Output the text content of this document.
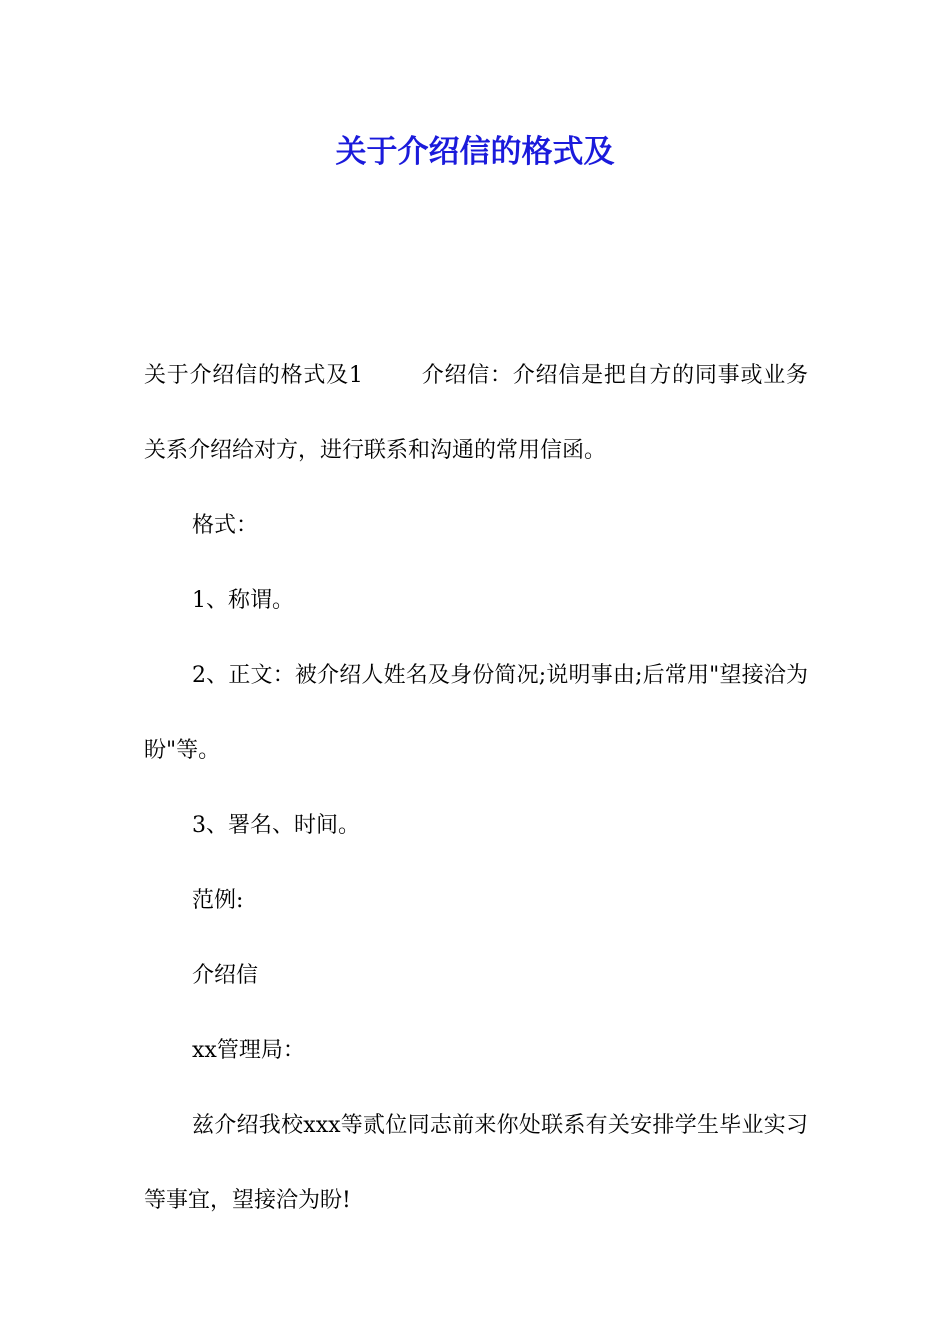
关于介绍信的格式及

关于介绍信的格式及1	介绍信：介绍信是把自方的同事或业务关系介绍给对方，进行联系和沟通的常用信函。

格式：

1、称谓。

2、正文：被介绍人姓名及身份简况;说明事由;后常用"望接洽为盼"等。

3、署名、时间。

范例:

介绍信

xx管理局：

兹介绍我校xxx等贰位同志前来你处联系有关安排学生毕业实习等事宜，望接洽为盼!
